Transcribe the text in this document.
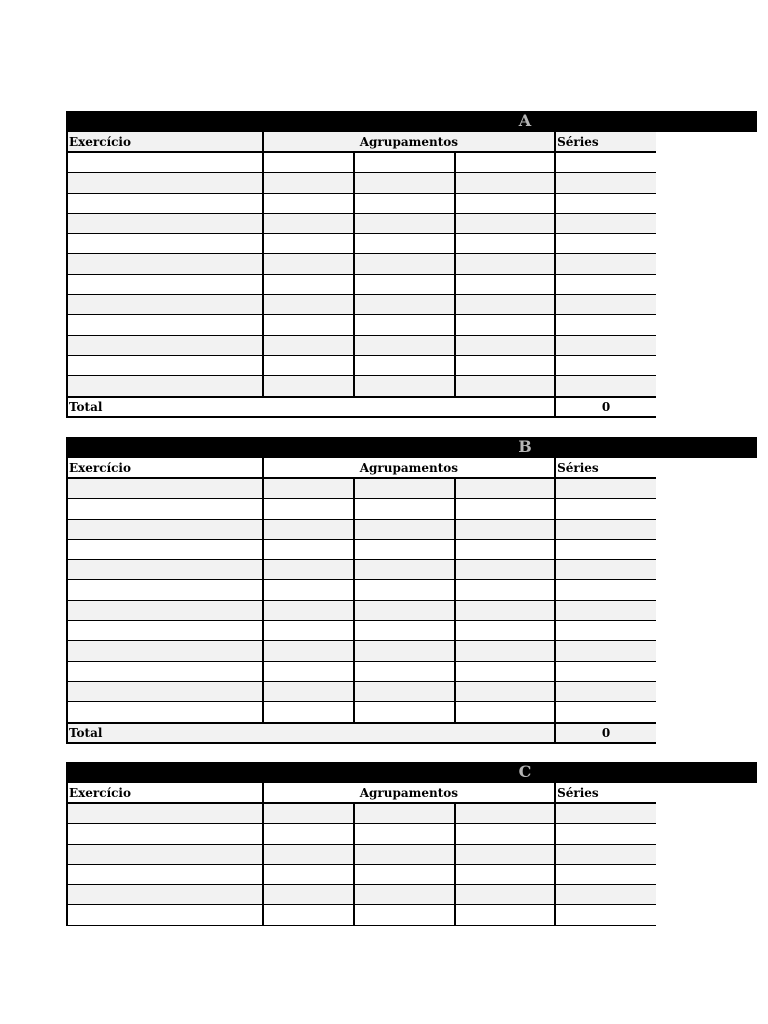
A
Exercício	Agrupamentos			Séries

Total				0
B
Exercício	Agrupamentos			Séries

Total				0
C
Exercício	Agrupamentos			Séries
